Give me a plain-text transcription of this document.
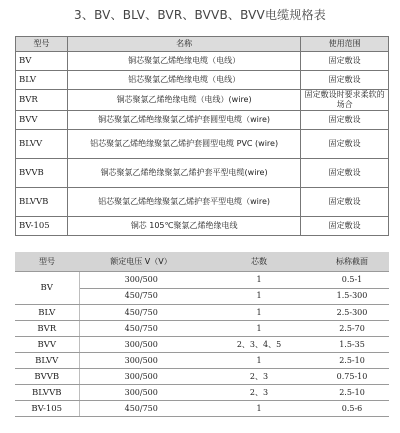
3、BV、BLV、BVR、BVVB、BVV电缆规格表
型号	名称	使用范围
BV	铜芯聚氯乙烯绝缘电缆（电线）	固定敷设
BLV	铝芯聚氯乙烯绝缘电缆（电线）	固定敷设
BVR	铜芯聚氯乙烯绝缘电缆（电线）(wire)	固定敷设时要求柔软的场合
BVV	铜芯聚氯乙烯绝缘聚氯乙烯护套圆型电缆（wire)	固定敷设
BLVV	铝芯聚氯乙烯绝缘聚氯乙烯护套圆型电缆 PVC (wire)	固定敷设
BVVB	铜芯聚氯乙烯绝缘聚氯乙烯护套平型电缆(wire)	固定敷设
BLVVB	铝芯聚氯乙烯绝缘聚氯乙烯护套平型电缆（wire)	固定敷设
BV-105	铜芯 105℃聚氯乙烯绝缘电线	固定敷设
型号	额定电压 V（V）	芯数	标称截面
BV	300/500	1	0.5-1
	450/750	1	1.5-300
BLV	450/750	1	2.5-300
BVR	450/750	1	2.5-70
BVV	300/500	2、3、4、5	1.5-35
BLVV	300/500	1	2.5-10
BVVB	300/500	2、3	0.75-10
BLVVB	300/500	2、3	2.5-10
BV-105	450/750	1	0.5-6
